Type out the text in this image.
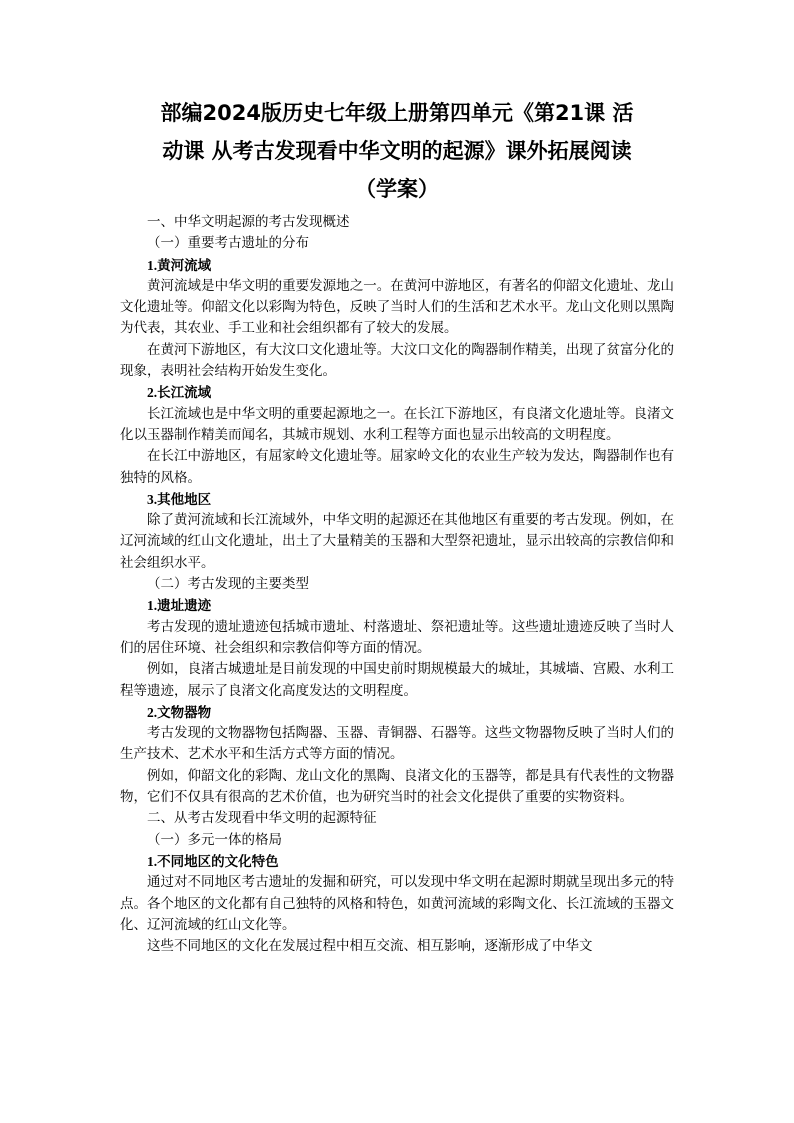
部编2024版历史七年级上册第四单元《第21课 活
动课 从考古发现看中华文明的起源》课外拓展阅读
（学案）

一、中华文明起源的考古发现概述

（一）重要考古遗址的分布

1.黄河流域

黄河流域是中华文明的重要发源地之一。在黄河中游地区，有著名的仰韶文化遗址、龙山文化遗址等。仰韶文化以彩陶为特色，反映了当时人们的生活和艺术水平。龙山文化则以黑陶为代表，其农业、手工业和社会组织都有了较大的发展。

在黄河下游地区，有大汶口文化遗址等。大汶口文化的陶器制作精美，出现了贫富分化的现象，表明社会结构开始发生变化。

2.长江流域

长江流域也是中华文明的重要起源地之一。在长江下游地区，有良渚文化遗址等。良渚文化以玉器制作精美而闻名，其城市规划、水利工程等方面也显示出较高的文明程度。

在长江中游地区，有屈家岭文化遗址等。屈家岭文化的农业生产较为发达，陶器制作也有独特的风格。

3.其他地区

除了黄河流域和长江流域外，中华文明的起源还在其他地区有重要的考古发现。例如，在辽河流域的红山文化遗址，出土了大量精美的玉器和大型祭祀遗址，显示出较高的宗教信仰和社会组织水平。

（二）考古发现的主要类型

1.遗址遗迹

考古发现的遗址遗迹包括城市遗址、村落遗址、祭祀遗址等。这些遗址遗迹反映了当时人们的居住环境、社会组织和宗教信仰等方面的情况。

例如，良渚古城遗址是目前发现的中国史前时期规模最大的城址，其城墙、宫殿、水利工程等遗迹，展示了良渚文化高度发达的文明程度。

2.文物器物

考古发现的文物器物包括陶器、玉器、青铜器、石器等。这些文物器物反映了当时人们的生产技术、艺术水平和生活方式等方面的情况。

例如，仰韶文化的彩陶、龙山文化的黑陶、良渚文化的玉器等，都是具有代表性的文物器物，它们不仅具有很高的艺术价值，也为研究当时的社会文化提供了重要的实物资料。

二、从考古发现看中华文明的起源特征

（一）多元一体的格局

1.不同地区的文化特色

通过对不同地区考古遗址的发掘和研究，可以发现中华文明在起源时期就呈现出多元的特点。各个地区的文化都有自己独特的风格和特色，如黄河流域的彩陶文化、长江流域的玉器文化、辽河流域的红山文化等。

这些不同地区的文化在发展过程中相互交流、相互影响，逐渐形成了中华文
